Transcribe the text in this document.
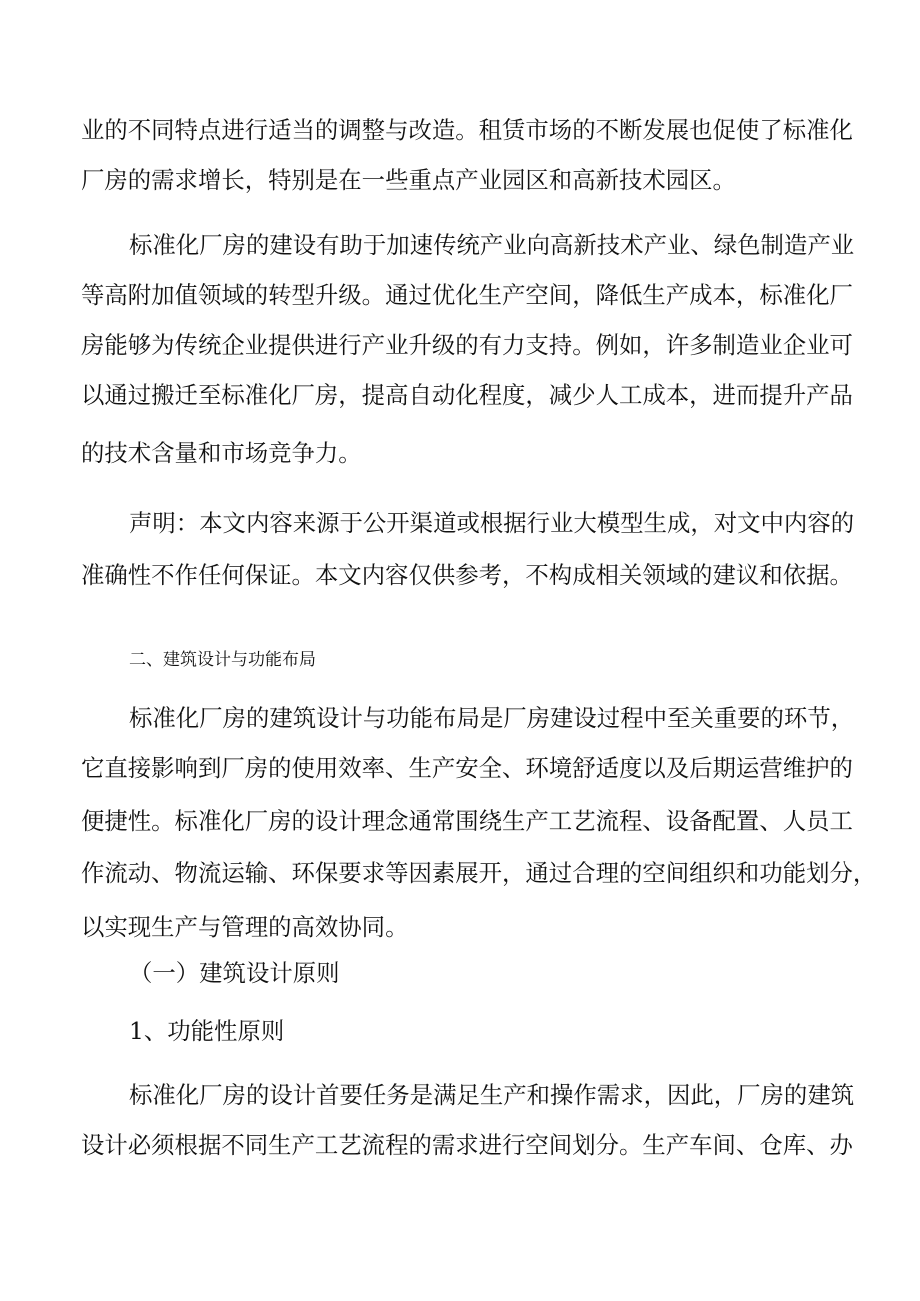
业的不同特点进行适当的调整与改造。租赁市场的不断发展也促使了标准化
厂房的需求增长，特别是在一些重点产业园区和高新技术园区。
标准化厂房的建设有助于加速传统产业向高新技术产业、绿色制造产业
等高附加值领域的转型升级。通过优化生产空间，降低生产成本，标准化厂
房能够为传统企业提供进行产业升级的有力支持。例如，许多制造业企业可
以通过搬迁至标准化厂房，提高自动化程度，减少人工成本，进而提升产品
的技术含量和市场竞争力。
声明：本文内容来源于公开渠道或根据行业大模型生成，对文中内容的
准确性不作任何保证。本文内容仅供参考，不构成相关领域的建议和依据。
二、建筑设计与功能布局
标准化厂房的建筑设计与功能布局是厂房建设过程中至关重要的环节，
它直接影响到厂房的使用效率、生产安全、环境舒适度以及后期运营维护的
便捷性。标准化厂房的设计理念通常围绕生产工艺流程、设备配置、人员工
作流动、物流运输、环保要求等因素展开，通过合理的空间组织和功能划分，
以实现生产与管理的高效协同。
（一）建筑设计原则
1、功能性原则
标准化厂房的设计首要任务是满足生产和操作需求，因此，厂房的建筑
设计必须根据不同生产工艺流程的需求进行空间划分。生产车间、仓库、办
